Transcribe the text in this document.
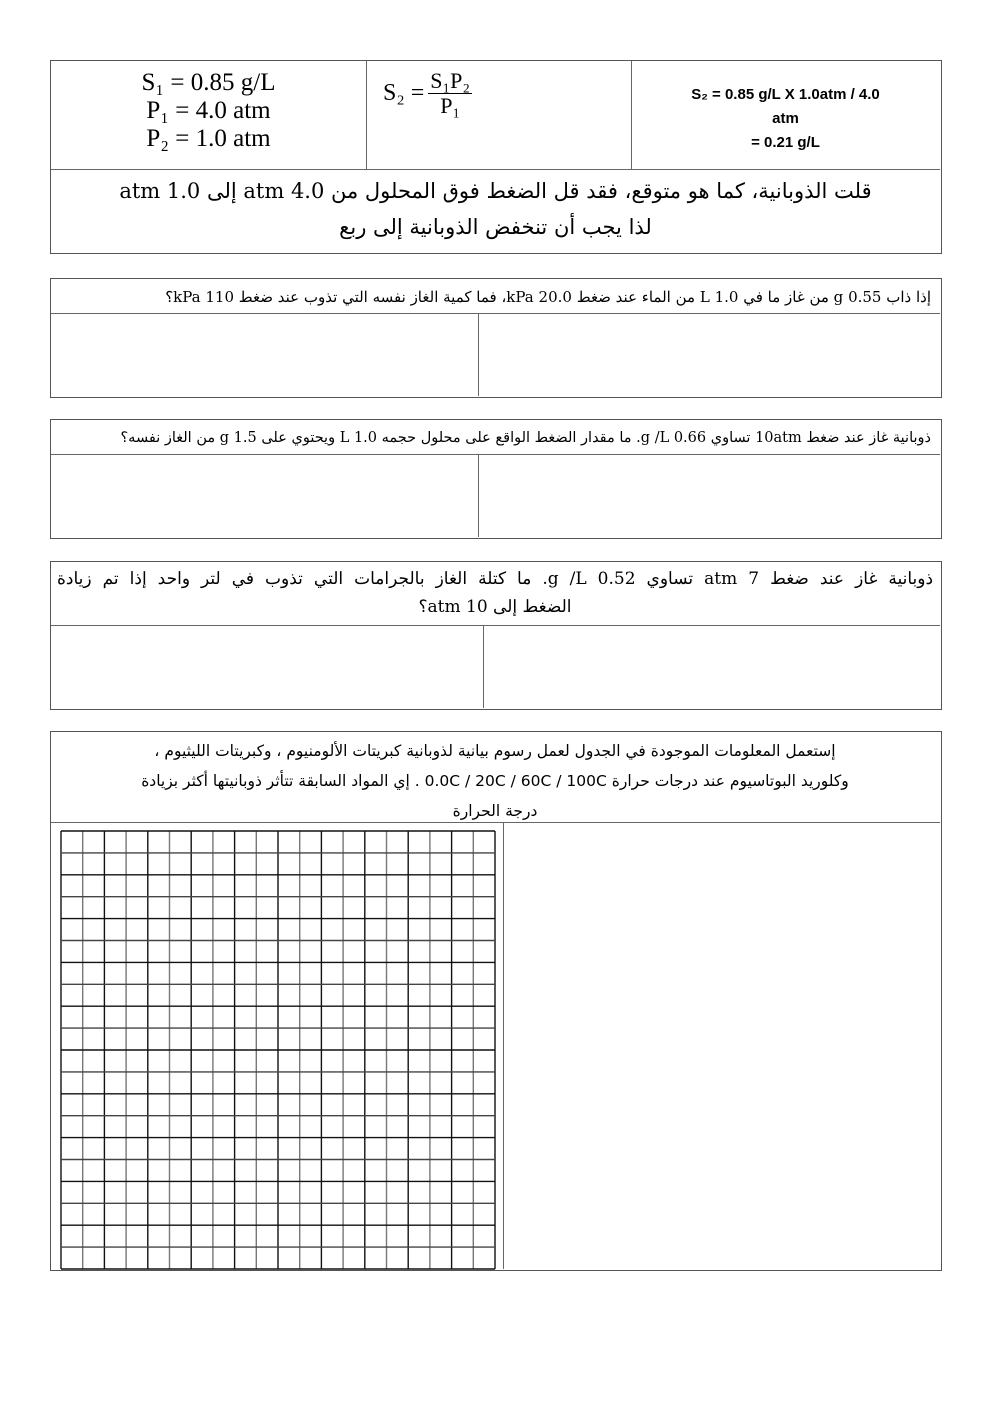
S₁ = 0.85 g/L
P₁ = 4.0 atm
P₂ = 1.0 atm
$S_2 = \frac{\text{S₁P₂}}{\text{P₁}}$	S₂ = 0.85 g/L X 1.0atm / 4.0
atm
= 0.21 g/L
قلت الذوبانية، كما هو متوقع، فقد قل الضغط فوق المحلول من 4.0 atm إلى 1.0 atm
لذا يجب أن تنخفض الذوبانية إلى ربع
إذا ذاب 0.55 g من غاز ما في 1.0 L من الماء عند ضغط 20.0 kPa، فما كمية الغاز نفسه التي تذوب عند ضغط 110 kPa؟
ذوبانية غاز عند ضغط 10atm تساوي 0.66 g /L. ما مقدار الضغط الواقع على محلول حجمه 1.0 L ويحتوي على 1.5 g من الغاز نفسه؟
ذوبانية غاز عند ضغط 7 atm تساوي 0.52 g /L. ما كتلة الغاز بالجرامات التي تذوب في لتر واحد إذا تم زيادة
الضغط إلى 10 atm؟
إستعمل المعلومات الموجودة في الجدول لعمل رسوم بيانية لذوبانية كبريتات الألومنيوم ، وكبريتات الليثيوم ،
وكلوريد البوتاسيوم عند درجات حرارة 0.0C / 20C / 60C / 100C . إي المواد السابقة تتأثر ذوبانيتها أكثر بزيادة
درجة الحرارة
